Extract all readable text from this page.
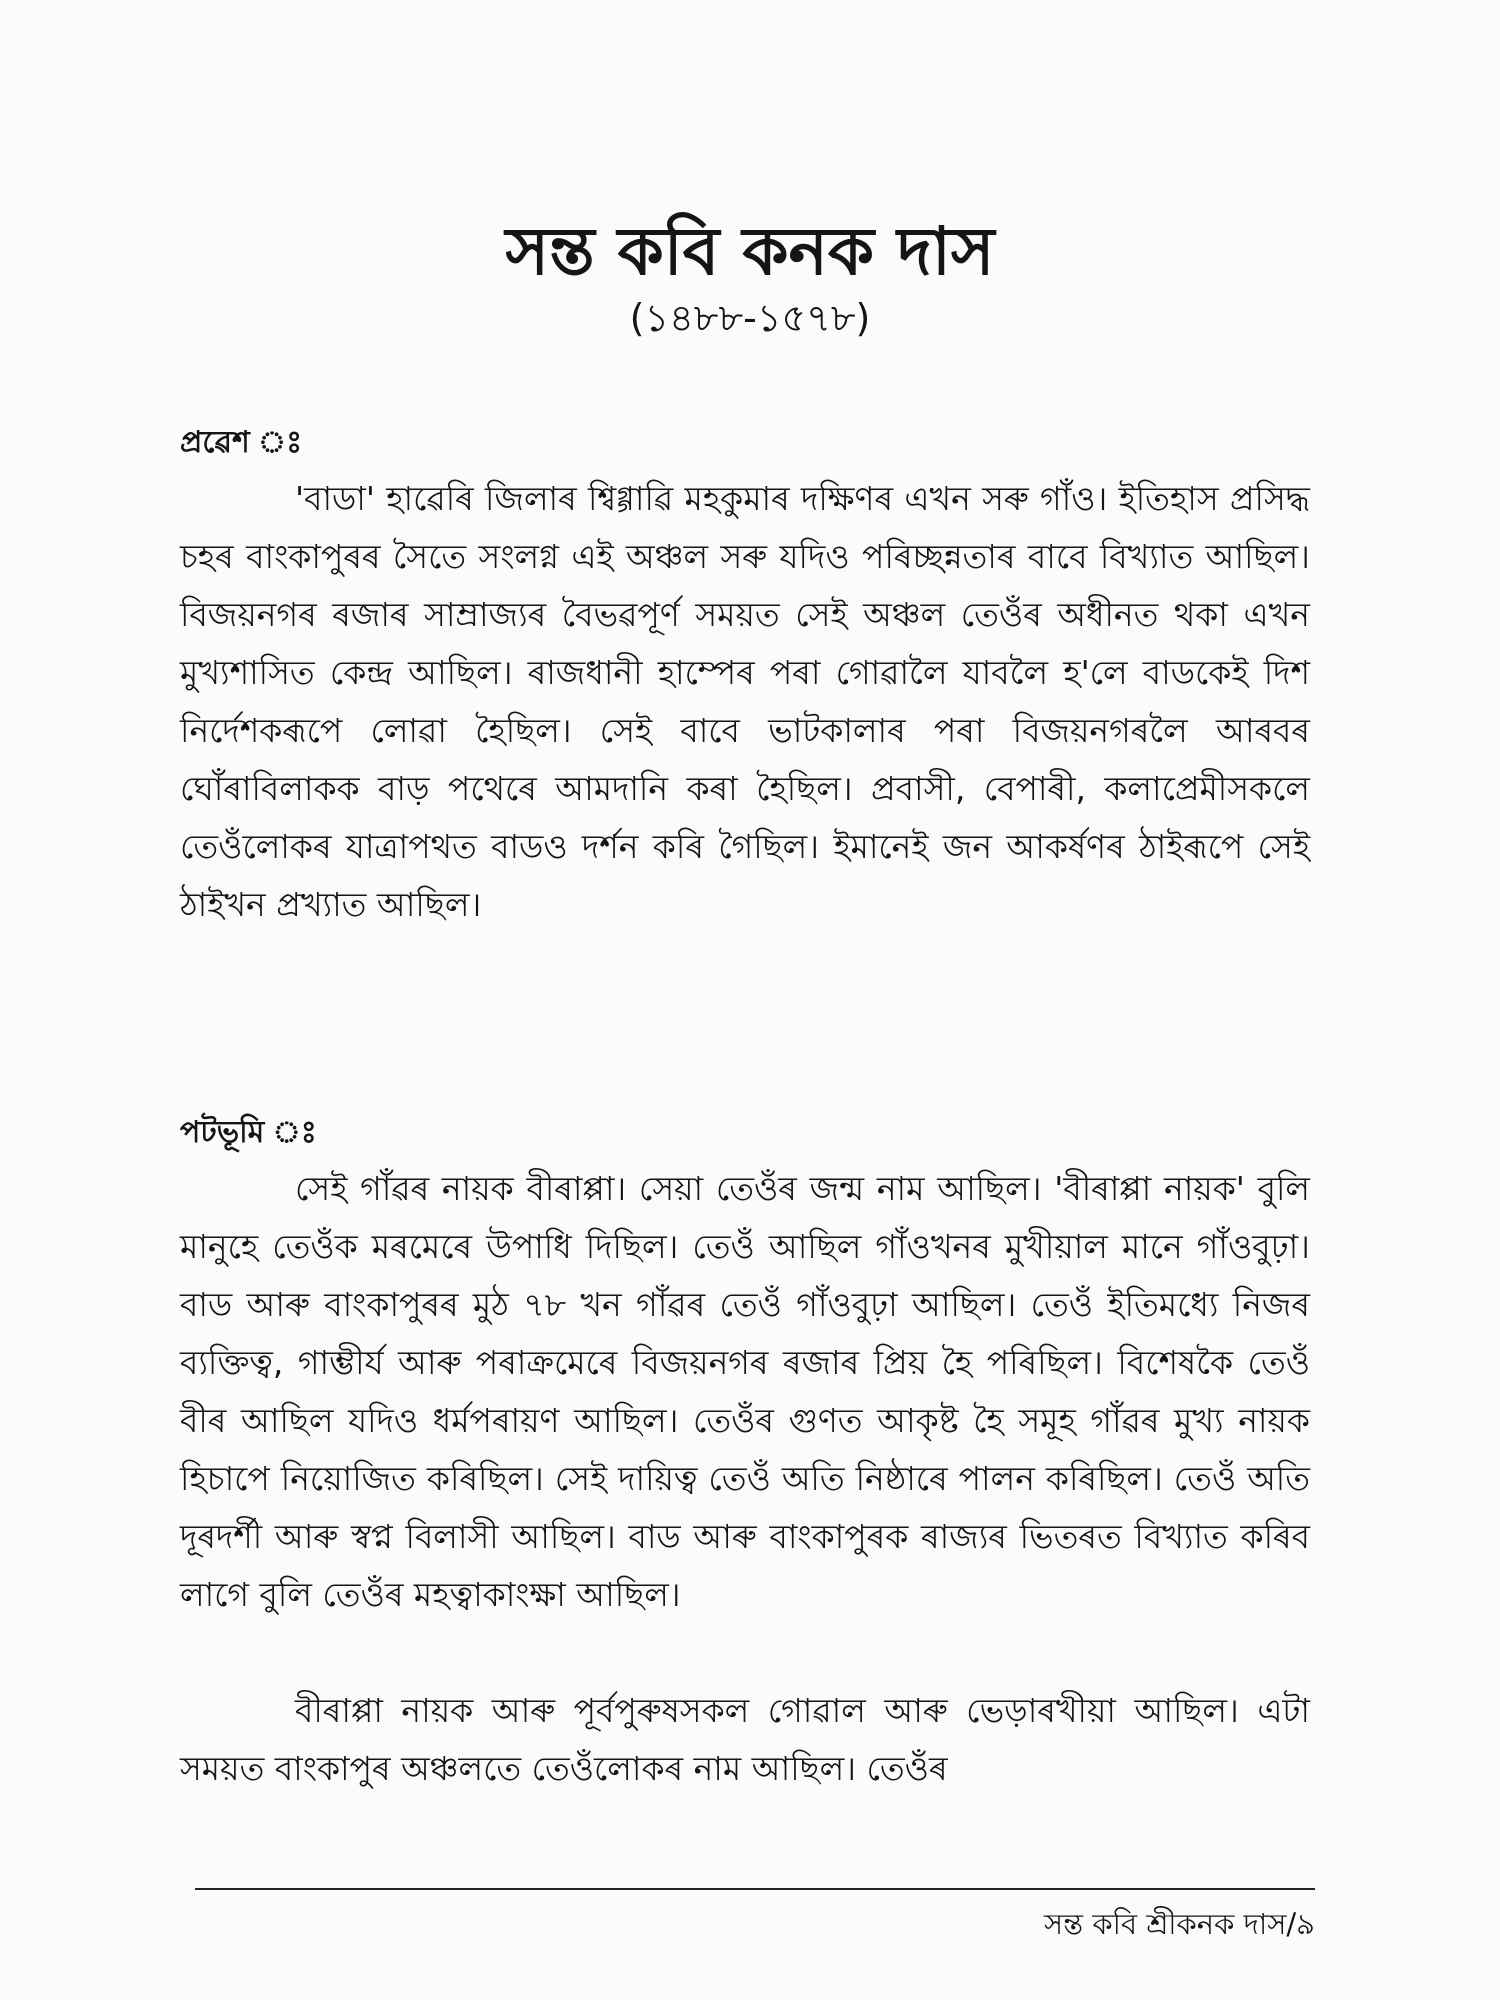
সন্ত কবি কনক দাস
(১৪৮৮-১৫৭৮)
প্ৰৱেশ ঃ

'বাডা' হাৱেৰি জিলাৰ শ্বিগ্গাৱি মহকুমাৰ দক্ষিণৰ এখন সৰু গাঁও। ইতিহাস প্ৰসিদ্ধ চহৰ বাংকাপুৰৰ সৈতে সংলগ্ন এই অঞ্চল সৰু যদিও পৰিচ্ছন্নতাৰ বাবে বিখ্যাত আছিল। বিজয়নগৰ ৰজাৰ সাম্ৰাজ্যৰ বৈভৱপূৰ্ণ সময়ত সেই অঞ্চল তেওঁৰ অধীনত থকা এখন মুখ্যশাসিত কেন্দ্ৰ আছিল। ৰাজধানী হাম্পেৰ পৰা গোৱালৈ যাবলৈ হ'লে বাডকেই দিশ নিৰ্দেশকৰূপে লোৱা হৈছিল। সেই বাবে ভাটকালাৰ পৰা বিজয়নগৰলৈ আৰবৰ ঘোঁৰাবিলাকক বাড় পথেৰে আমদানি কৰা হৈছিল। প্ৰবাসী, বেপাৰী, কলাপ্ৰেমীসকলে তেওঁলোকৰ যাত্ৰাপথত বাডও দৰ্শন কৰি গৈছিল। ইমানেই জন আকৰ্ষণৰ ঠাইৰূপে সেই ঠাইখন প্ৰখ্যাত আছিল।

পটভূমি ঃ

সেই গাঁৱৰ নায়ক বীৰাপ্পা। সেয়া তেওঁৰ জন্ম নাম আছিল। 'বীৰাপ্পা নায়ক' বুলি মানুহে তেওঁক মৰমেৰে উপাধি দিছিল। তেওঁ আছিল গাঁওখনৰ মুখীয়াল মানে গাঁওবুঢ়া। বাড আৰু বাংকাপুৰৰ মুঠ ৭৮ খন গাঁৱৰ তেওঁ গাঁওবুঢ়া আছিল। তেওঁ ইতিমধ্যে নিজৰ ব্যক্তিত্ব, গাম্ভীৰ্য আৰু পৰাক্ৰমেৰে বিজয়নগৰ ৰজাৰ প্ৰিয় হৈ পৰিছিল। বিশেষকৈ তেওঁ বীৰ আছিল যদিও ধৰ্মপৰায়ণ আছিল। তেওঁৰ গুণত আকৃষ্ট হৈ সমূহ গাঁৱৰ মুখ্য নায়ক হিচাপে নিয়োজিত কৰিছিল। সেই দায়িত্ব তেওঁ অতি নিষ্ঠাৰে পালন কৰিছিল। তেওঁ অতি দূৰদৰ্শী আৰু স্বপ্ন বিলাসী আছিল। বাড আৰু বাংকাপুৰক ৰাজ্যৰ ভিতৰত বিখ্যাত কৰিব লাগে বুলি তেওঁৰ মহত্বাকাংক্ষা আছিল।

বীৰাপ্পা নায়ক আৰু পূৰ্বপুৰুষসকল গোৱাল আৰু ভেড়াৰখীয়া আছিল। এটা সময়ত বাংকাপুৰ অঞ্চলতে তেওঁলোকৰ নাম আছিল। তেওঁৰ

সন্ত কবি শ্ৰীকনক দাস/৯
